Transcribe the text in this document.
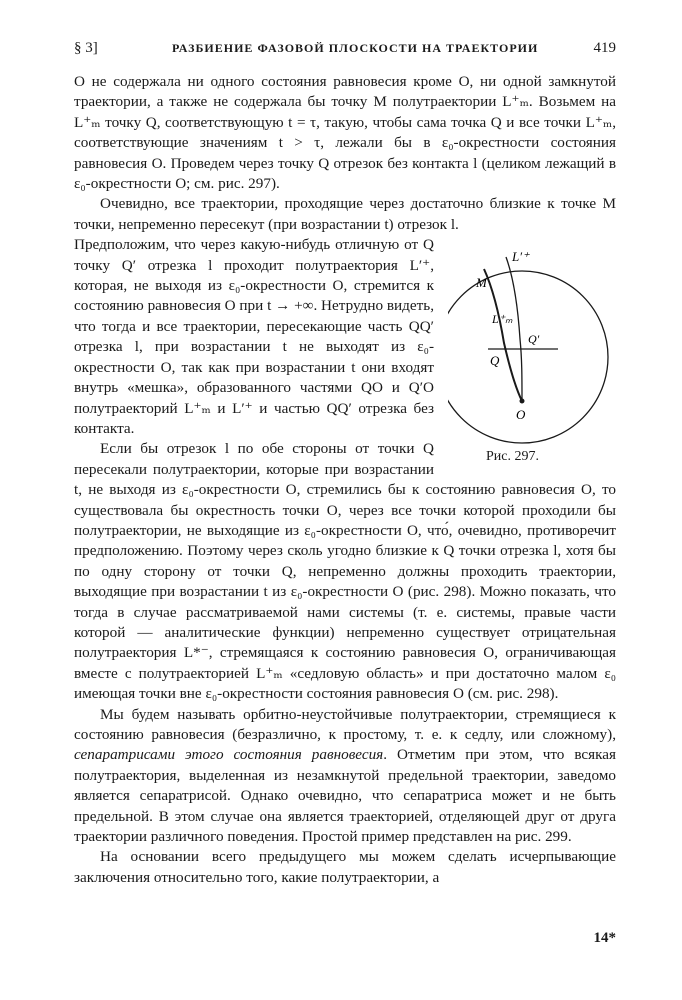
§ 3]	РАЗБИЕНИЕ ФАЗОВОЙ ПЛОСКОСТИ НА ТРАЕКТОРИИ	419

O не содержала ни одного состояния равновесия кроме O, ни одной замкнутой траектории, а также не содержала бы точку M полутраектории L⁺ₘ. Возьмем на L⁺ₘ точку Q, соответствующую t = τ, такую, чтобы сама точка Q и все точки L⁺ₘ, соответствующие значениям t > τ, лежали бы в ε₀-окрестности состояния равновесия O. Проведем через точку Q отрезок без контакта l (целиком лежащий в ε₀-окрестности O; см. рис. 297).

Очевидно, все траектории, проходящие через достаточно близкие к точке M точки, непременно пересекут (при возрастании t) отрезок l.

L′⁺
M
L⁺ₘ
Q
Q′
O
Рис. 297.

Предположим, что через какую-нибудь отличную от Q точку Q′ отрезка l проходит полутраектория L′⁺, которая, не выходя из ε₀-окрестности O, стремится к состоянию равновесия O при t → +∞. Нетрудно видеть, что тогда и все траектории, пересекающие часть QQ′ отрезка l, при возрастании t не выходят из ε₀-окрестности O, так как при возрастании t они входят внутрь «мешка», образованного частями QO и Q′O полутраекторий L⁺ₘ и L′⁺ и частью QQ′ отрезка без контакта.

Если бы отрезок l по обе стороны от точки Q пересекали полутраектории, которые при возрастании t, не выходя из ε₀-окрестности O, стремились бы к состоянию равновесия O, то существовала бы окрестность точки O, через все точки которой проходили бы полутраектории, не выходящие из ε₀-окрестности O, что́, очевидно, противоречит предположению. Поэтому через сколь угодно близкие к Q точки отрезка l, хотя бы по одну сторону от точки Q, непременно должны проходить траектории, выходящие при возрастании t из ε₀-окрестности O (рис. 298). Можно показать, что тогда в случае рассматриваемой нами системы (т. е. системы, правые части которой — аналитические функции) непременно существует отрицательная полутраектория L*⁻, стремящаяся к состоянию равновесия O, ограничивающая вместе с полутраекторией L⁺ₘ «седловую область» и при достаточно малом ε₀ имеющая точки вне ε₀-окрестности состояния равновесия O (см. рис. 298).

Мы будем называть орбитно-неустойчивые полутраектории, стремящиеся к состоянию равновесия (безразлично, к простому, т. е. к седлу, или сложному), сепаратрисами этого состояния равновесия. Отметим при этом, что всякая полутраектория, выделенная из незамкнутой предельной траектории, заведомо является сепаратрисой. Однако очевидно, что сепаратриса может и не быть предельной. В этом случае она является траекторией, отделяющей друг от друга траектории различного поведения. Простой пример представлен на рис. 299.

На основании всего предыдущего мы можем сделать исчерпывающие заключения относительно того, какие полутраектории, а

14*
